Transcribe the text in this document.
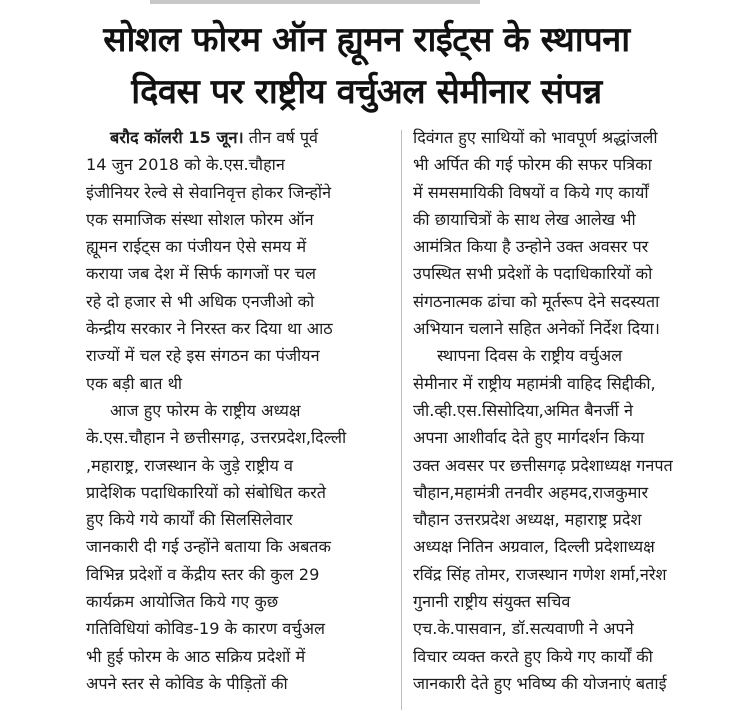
सोशल फोरम ऑन ह्यूमन राईट्स के स्थापना
दिवस पर राष्ट्रीय वर्चुअल सेमीनार संपन्न
बरौद कॉलरी 15 जून। तीन वर्ष पूर्व
14 जुन 2018 को के.एस.चौहान
इंजीनियर रेल्वे से सेवानिवृत्त होकर जिन्होंने
एक समाजिक संस्था सोशल फोरम ऑन
ह्यूमन राईट्स का पंजीयन ऐसे समय में
कराया जब देश में सिर्फ कागजों पर चल
रहे दो हजार से भी अधिक एनजीओ को
केन्द्रीय सरकार ने निरस्त कर दिया था आठ
राज्यों में चल रहे इस संगठन का पंजीयन
एक बड़ी बात थी
आज हुए फोरम के राष्ट्रीय अध्यक्ष
के.एस.चौहान ने छत्तीसगढ़, उत्तरप्रदेश,दिल्ली
,महाराष्ट्र, राजस्थान के जुड़े राष्ट्रीय व
प्रादेशिक पदाधिकारियों को संबोधित करते
हुए किये गये कार्यों की सिलसिलेवार
जानकारी दी गई उन्होंने बताया कि अबतक
विभिन्न प्रदेशों व केंद्रीय स्तर की कुल 29
कार्यक्रम आयोजित किये गए कुछ
गतिविधियां कोविड-19 के कारण वर्चुअल
भी हुई फोरम के आठ सक्रिय प्रदेशों में
अपने स्तर से कोविड के पीड़ितों की
दिवंगत हुए साथियों को भावपूर्ण श्रद्धांजली
भी अर्पित की गई फोरम की सफर पत्रिका
में समसमायिकी विषयों व किये गए कार्यों
की छायाचित्रों के साथ लेख आलेख भी
आमंत्रित किया है उन्होने उक्त अवसर पर
उपस्थित सभी प्रदेशों के पदाधिकारियों को
संगठनात्मक ढांचा को मूर्तरूप देने सदस्यता
अभियान चलाने सहित अनेकों निर्देश दिया।
स्थापना दिवस के राष्ट्रीय वर्चुअल
सेमीनार में राष्ट्रीय महामंत्री वाहिद सिद्दीकी,
जी.व्ही.एस.सिसोदिया,अमित बैनर्जी ने
अपना आशीर्वाद देते हुए मार्गदर्शन किया
उक्त अवसर पर छत्तीसगढ़ प्रदेशाध्यक्ष गनपत
चौहान,महामंत्री तनवीर अहमद,राजकुमार
चौहान उत्तरप्रदेश अध्यक्ष, महाराष्ट्र प्रदेश
अध्यक्ष नितिन अग्रवाल, दिल्ली प्रदेशाध्यक्ष
रविंद्र सिंह तोमर, राजस्थान गणेश शर्मा,नरेश
गुनानी राष्ट्रीय संयुक्त सचिव
एच.के.पासवान, डॉ.सत्यवाणी ने अपने
विचार व्यक्त करते हुए किये गए कार्यों की
जानकारी देते हुए भविष्य की योजनाएं बताई
